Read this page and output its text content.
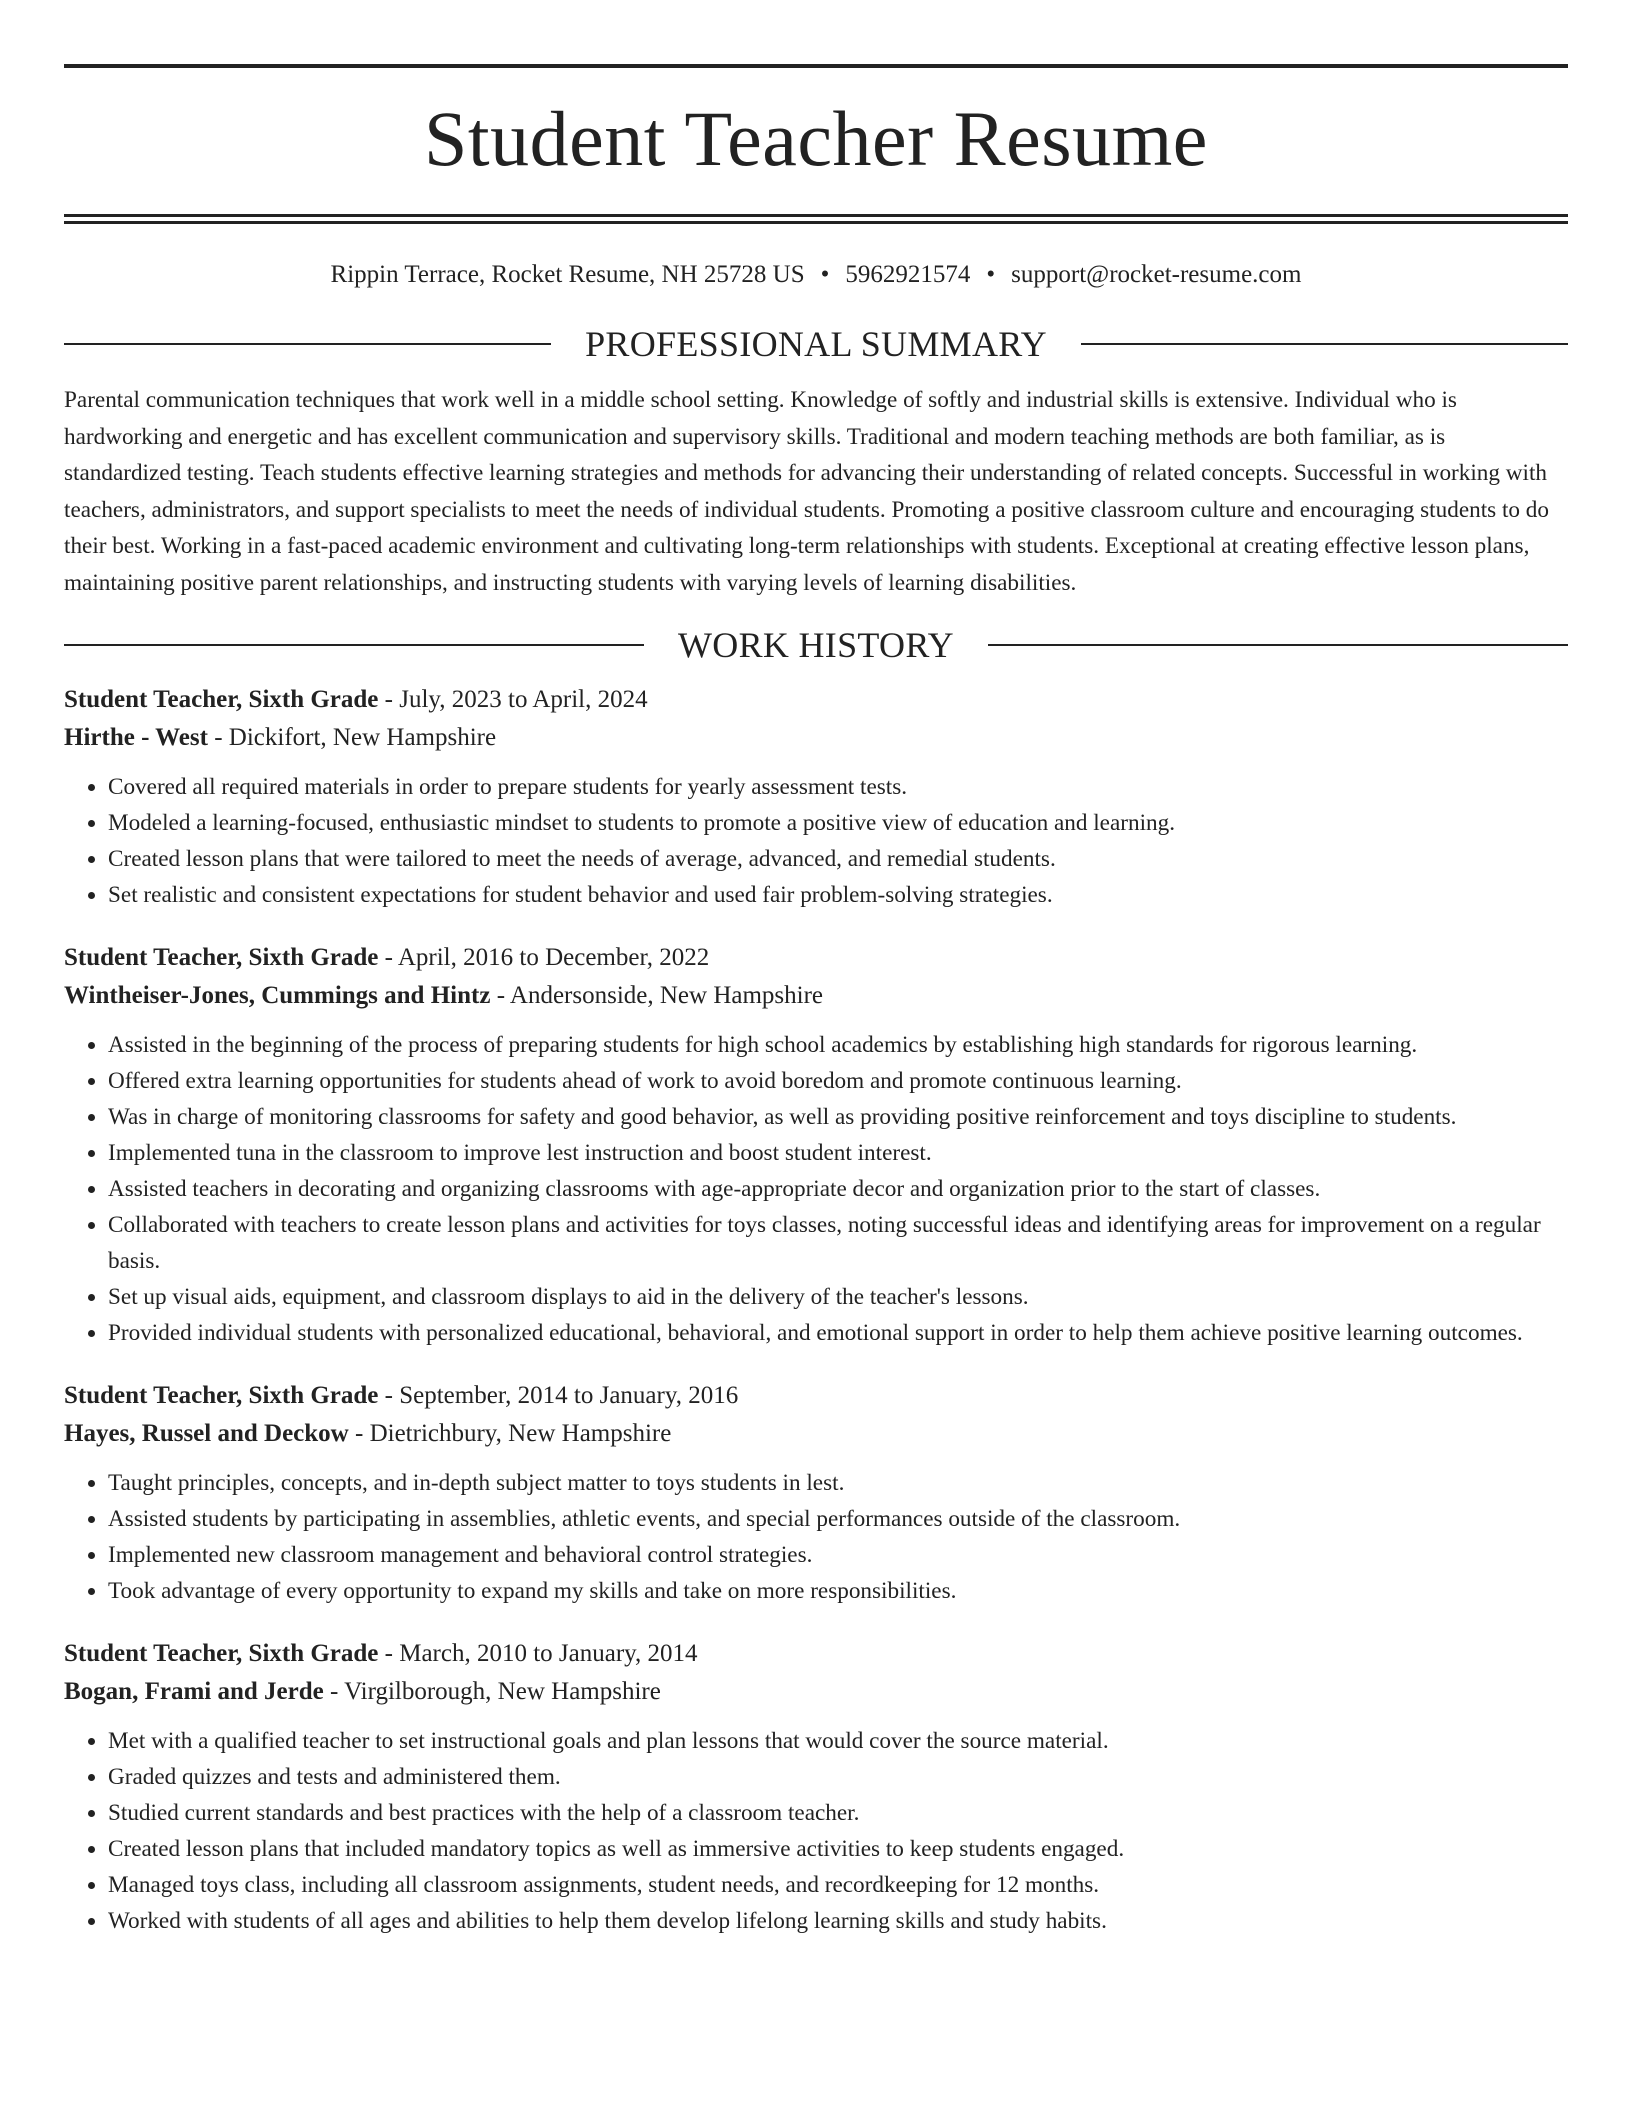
Student Teacher Resume
Rippin Terrace, Rocket Resume, NH 25728 US • 5962921574 • support@rocket-resume.com
PROFESSIONAL SUMMARY

Parental communication techniques that work well in a middle school setting. Knowledge of softly and industrial skills is extensive. Individual who is hardworking and energetic and has excellent communication and supervisory skills. Traditional and modern teaching methods are both familiar, as is standardized testing. Teach students effective learning strategies and methods for advancing their understanding of related concepts. Successful in working with teachers, administrators, and support specialists to meet the needs of individual students. Promoting a positive classroom culture and encouraging students to do their best. Working in a fast-paced academic environment and cultivating long-term relationships with students. Exceptional at creating effective lesson plans, maintaining positive parent relationships, and instructing students with varying levels of learning disabilities.

WORK HISTORY
Student Teacher, Sixth Grade - July, 2023 to April, 2024
Hirthe - West - Dickifort, New Hampshire
• Covered all required materials in order to prepare students for yearly assessment tests.
• Modeled a learning-focused, enthusiastic mindset to students to promote a positive view of education and learning.
• Created lesson plans that were tailored to meet the needs of average, advanced, and remedial students.
• Set realistic and consistent expectations for student behavior and used fair problem-solving strategies.
Student Teacher, Sixth Grade - April, 2016 to December, 2022
Wintheiser-Jones, Cummings and Hintz - Andersonside, New Hampshire
• Assisted in the beginning of the process of preparing students for high school academics by establishing high standards for rigorous learning.
• Offered extra learning opportunities for students ahead of work to avoid boredom and promote continuous learning.
• Was in charge of monitoring classrooms for safety and good behavior, as well as providing positive reinforcement and toys discipline to students.
• Implemented tuna in the classroom to improve lest instruction and boost student interest.
• Assisted teachers in decorating and organizing classrooms with age-appropriate decor and organization prior to the start of classes.
• Collaborated with teachers to create lesson plans and activities for toys classes, noting successful ideas and identifying areas for improvement on a regular basis.
• Set up visual aids, equipment, and classroom displays to aid in the delivery of the teacher's lessons.
• Provided individual students with personalized educational, behavioral, and emotional support in order to help them achieve positive learning outcomes.
Student Teacher, Sixth Grade - September, 2014 to January, 2016
Hayes, Russel and Deckow - Dietrichbury, New Hampshire
• Taught principles, concepts, and in-depth subject matter to toys students in lest.
• Assisted students by participating in assemblies, athletic events, and special performances outside of the classroom.
• Implemented new classroom management and behavioral control strategies.
• Took advantage of every opportunity to expand my skills and take on more responsibilities.
Student Teacher, Sixth Grade - March, 2010 to January, 2014
Bogan, Frami and Jerde - Virgilborough, New Hampshire
• Met with a qualified teacher to set instructional goals and plan lessons that would cover the source material.
• Graded quizzes and tests and administered them.
• Studied current standards and best practices with the help of a classroom teacher.
• Created lesson plans that included mandatory topics as well as immersive activities to keep students engaged.
• Managed toys class, including all classroom assignments, student needs, and recordkeeping for 12 months.
• Worked with students of all ages and abilities to help them develop lifelong learning skills and study habits.
